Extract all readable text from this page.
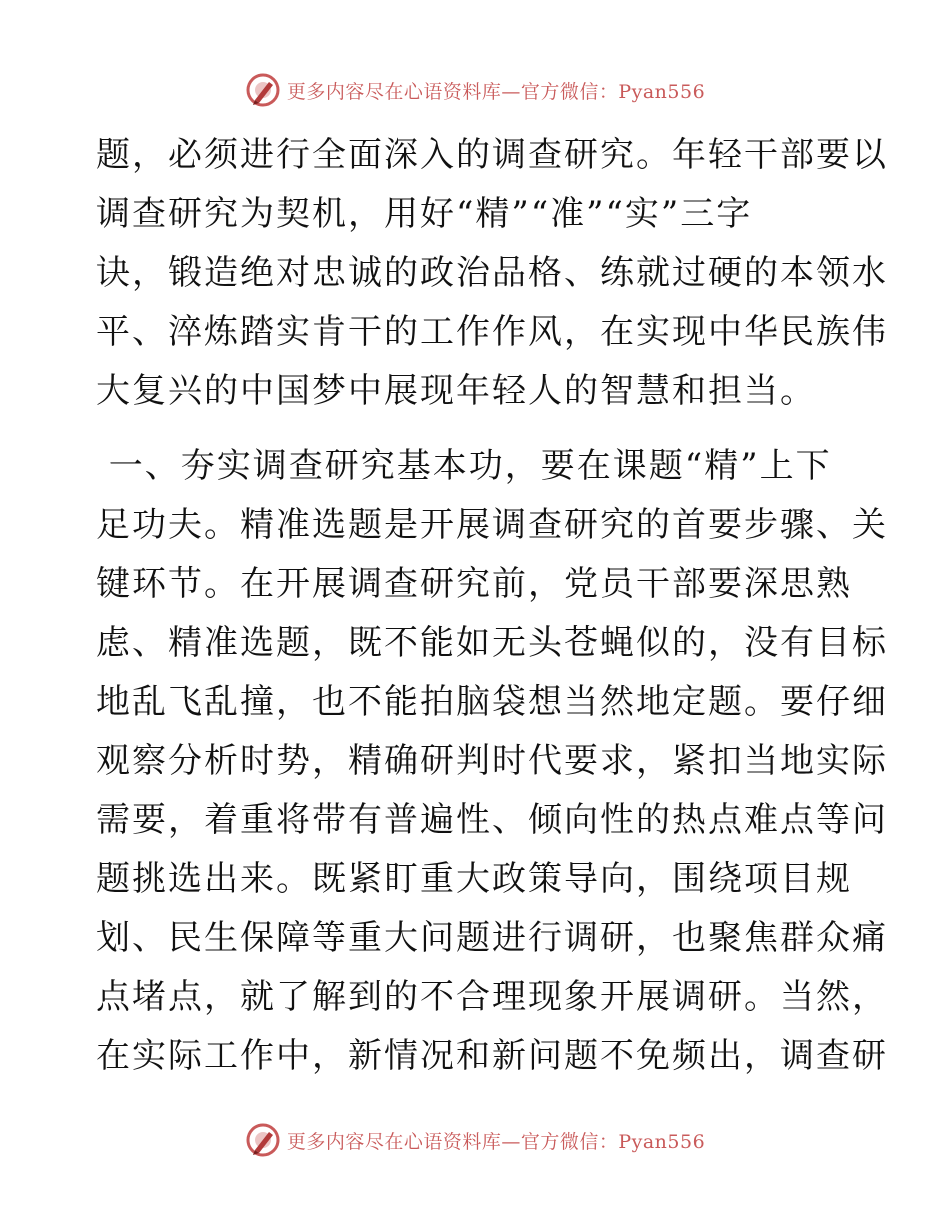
更多内容尽在心语资料库—官方微信：Pyan556
题，必须进行全面深入的调查研究。年轻干部要以
调查研究为契机，用好“精”“准”“实”三字
诀，锻造绝对忠诚的政治品格、练就过硬的本领水
平、淬炼踏实肯干的工作作风，在实现中华民族伟
大复兴的中国梦中展现年轻人的智慧和担当。
一、夯实调查研究基本功，要在课题“精”上下
足功夫。精准选题是开展调查研究的首要步骤、关
键环节。在开展调查研究前，党员干部要深思熟
虑、精准选题，既不能如无头苍蝇似的，没有目标
地乱飞乱撞，也不能拍脑袋想当然地定题。要仔细
观察分析时势，精确研判时代要求，紧扣当地实际
需要，着重将带有普遍性、倾向性的热点难点等问
题挑选出来。既紧盯重大政策导向，围绕项目规
划、民生保障等重大问题进行调研，也聚焦群众痛
点堵点，就了解到的不合理现象开展调研。当然，
在实际工作中，新情况和新问题不免频出，调查研
更多内容尽在心语资料库—官方微信：Pyan556
